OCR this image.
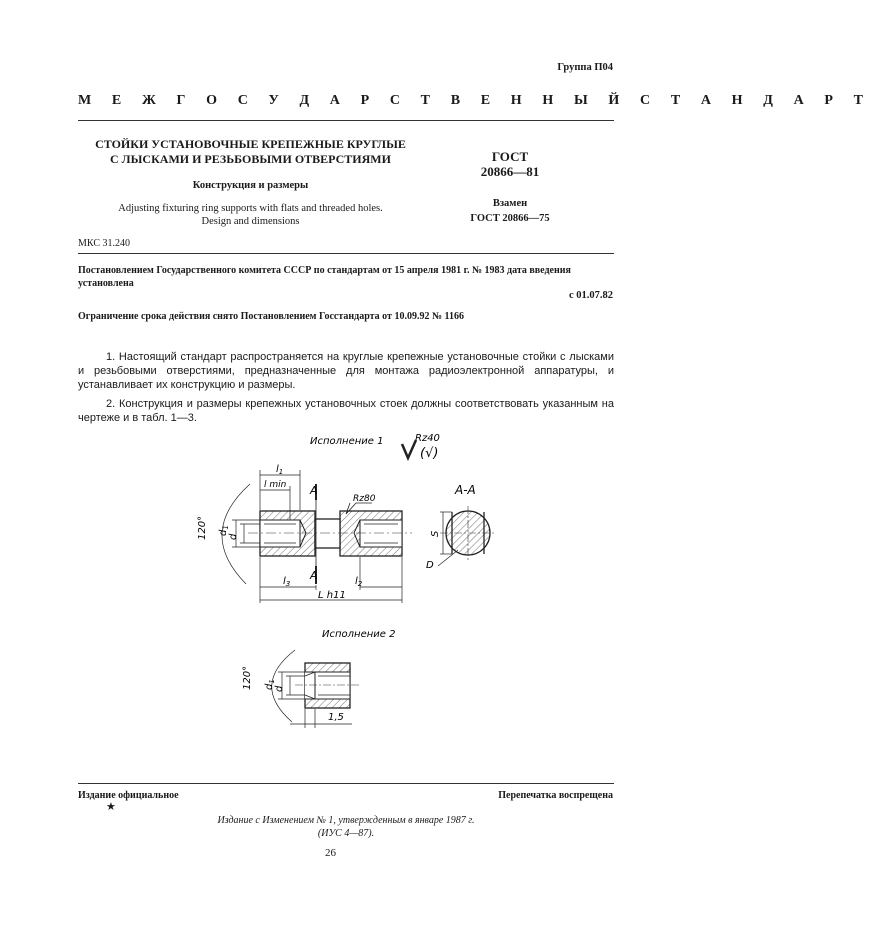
Группа П04
М Е Ж Г О С У Д А Р С Т В Е Н Н Ы Й С Т А Н Д А Р Т
СТОЙКИ УСТАНОВОЧНЫЕ КРЕПЕЖНЫЕ КРУГЛЫЕ
С ЛЫСКАМИ И РЕЗЬБОВЫМИ ОТВЕРСТИЯМИ
Конструкция и размеры
Adjusting fixturing ring supports with flats and threaded holes.
Design and dimensions
ГОСТ
20866—81
Взамен
ГОСТ 20866—75
МКС 31.240
Постановлением Государственного комитета СССР по стандартам от 15 апреля 1981 г. № 1983 дата введения установлена
с 01.07.82
Ограничение срока действия снято Постановлением Госстандарта от 10.09.92 № 1166

1. Настоящий стандарт распространяется на круглые крепежные установочные стойки с лысками и резьбовыми отверстиями, предназначенные для монтажа радиоэлектронной аппаратуры, и устанавливает их конструкцию и размеры.

2. Конструкция и размеры крепежных установочных стоек должны соответствовать указанным на чертеже и в табл. 1—3.

Исполнение 1	Rz40
(√)
А
А
Rz80
$l_1$
l min
$l_3$	$l_2$
L h11
120° $d_1$
d
А-А
S
D
Исполнение 2
120° $d_1$
d
1,5
Издание официальное
★
Перепечатка воспрещена
Издание с Изменением № 1, утвержденным в январе 1987 г.
(ИУС 4—87).
26
